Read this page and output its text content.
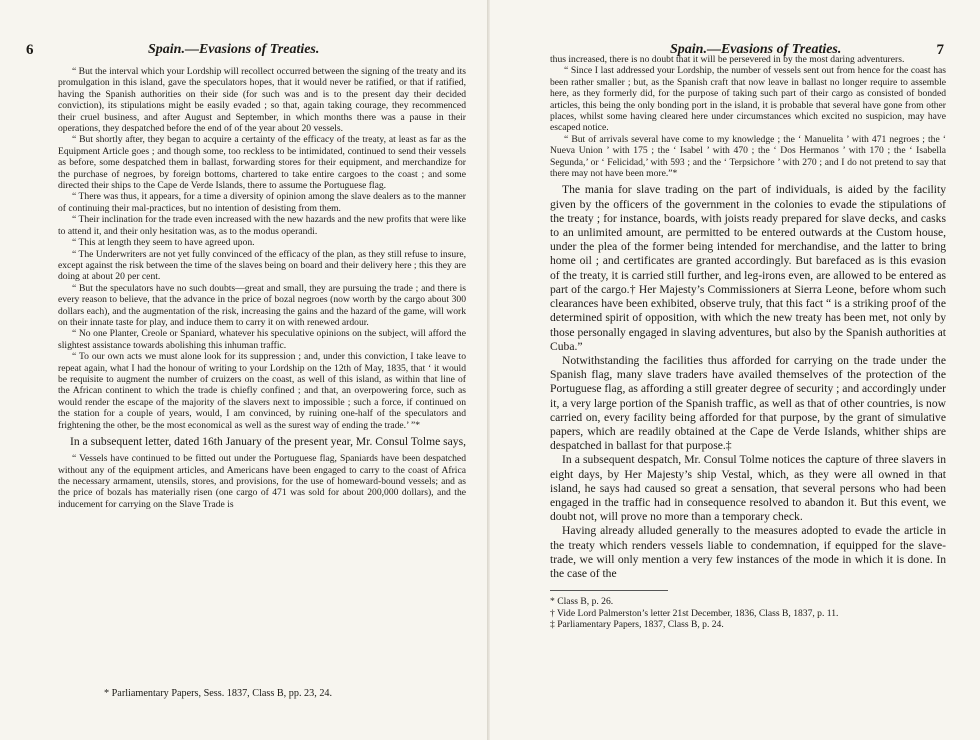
6	Spain.—Evasions of Treaties.

“ But the interval which your Lordship will recollect occurred between the signing of the treaty and its promulgation in this island, gave the speculators hopes, that it would never be ratified, or that if ratified, having the Spanish authorities on their side (for such was and is to the present day their decided conviction), its stipulations might be easily evaded ; so that, again taking courage, they recommenced their cruel business, and after August and September, in which months there was a pause in their operations, they despatched before the end of of the year about 20 vessels.

“ But shortly after, they began to acquire a certainty of the efficacy of the treaty, at least as far as the Equipment Article goes ; and though some, too reckless to be intimidated, continued to send their vessels as before, some despatched them in ballast, forwarding stores for their equipment, and merchandize for the purchase of negroes, by foreign bottoms, chartered to take entire cargoes to the coast ; and some directed their ships to the Cape de Verde Islands, there to assume the Portuguese flag.

“ There was thus, it appears, for a time a diversity of opinion among the slave dealers as to the manner of continuing their mal-practices, but no intention of desisting from them.

“ Their inclination for the trade even increased with the new hazards and the new profits that were like to attend it, and their only hesitation was, as to the modus operandi.

“ This at length they seem to have agreed upon.

“ The Underwriters are not yet fully convinced of the efficacy of the plan, as they still refuse to insure, except against the risk between the time of the slaves being on board and their delivery here ; this they are doing at about 20 per cent.

“ But the speculators have no such doubts—great and small, they are pursuing the trade ; and there is every reason to believe, that the advance in the price of bozal negroes (now worth by the cargo about 300 dollars each), and the augmentation of the risk, increasing the gains and the hazard of the game, will work on their innate taste for play, and induce them to carry it on with renewed ardour.

“ No one Planter, Creole or Spaniard, whatever his speculative opinions on the subject, will afford the slightest assistance towards abolishing this inhuman traffic.

“ To our own acts we must alone look for its suppression ; and, under this conviction, I take leave to repeat again, what I had the honour of writing to your Lordship on the 12th of May, 1835, that ‘ it would be requisite to augment the number of cruizers on the coast, as well of this island, as within that line of the African continent to which the trade is chiefly confined ; and that, an overpowering force, such as would render the escape of the majority of the slavers next to impossible ; such a force, if continued on the station for a couple of years, would, I am convinced, by ruining one-half of the speculators and frightening the other, be the most economical as well as the surest way of ending the trade.’ ”*

In a subsequent letter, dated 16th January of the present year, Mr. Consul Tolme says,

“ Vessels have continued to be fitted out under the Portuguese flag, Spaniards have been despatched without any of the equipment articles, and Americans have been engaged to carry to the coast of Africa the necessary armament, utensils, stores, and provisions, for the use of homeward-bound vessels; and as the price of bozals has materially risen (one cargo of 471 was sold for about 200,000 dollars), and the inducement for carrying on the Slave Trade is

* Parliamentary Papers, Sess. 1837, Class B, pp. 23, 24.
Spain.—Evasions of Treaties.	7

thus increased, there is no doubt that it will be persevered in by the most daring adventurers.

“ Since I last addressed your Lordship, the number of vessels sent out from hence for the coast has been rather smaller ; but, as the Spanish craft that now leave in ballast no longer require to assemble here, as they formerly did, for the purpose of taking such part of their cargo as consisted of bonded articles, this being the only bonding port in the island, it is probable that several have gone from other places, whilst some having cleared here under circumstances which excited no suspicion, may have escaped notice.

“ But of arrivals several have come to my knowledge ; the ‘ Manuelita ’ with 471 negroes ; the ‘ Nueva Union ’ with 175 ; the ‘ Isabel ’ with 470 ; the ‘ Dos Hermanos ’ with 170 ; the ‘ Isabella Segunda,’ or ‘ Felicidad,’ with 593 ; and the ‘ Terpsichore ’ with 270 ; and I do not pretend to say that there may not have been more.”*

The mania for slave trading on the part of individuals, is aided by the facility given by the officers of the government in the colonies to evade the stipulations of the treaty ; for instance, boards, with joists ready prepared for slave decks, and casks to an unlimited amount, are permitted to be entered outwards at the Custom house, under the plea of the former being intended for merchandise, and the latter to bring home oil ; and certificates are granted accordingly. But barefaced as is this evasion of the treaty, it is carried still further, and leg-irons even, are allowed to be entered as part of the cargo.† Her Majesty’s Commissioners at Sierra Leone, before whom such clearances have been exhibited, observe truly, that this fact “ is a striking proof of the determined spirit of opposition, with which the new treaty has been met, not only by those personally engaged in slaving adventures, but also by the Spanish authorities at Cuba.”

Notwithstanding the facilities thus afforded for carrying on the trade under the Spanish flag, many slave traders have availed themselves of the protection of the Portuguese flag, as affording a still greater degree of security ; and accordingly under it, a very large portion of the Spanish traffic, as well as that of other countries, is now carried on, every facility being afforded for that purpose, by the grant of simulative papers, which are readily obtained at the Cape de Verde Islands, whither ships are despatched in ballast for that purpose.‡

In a subsequent despatch, Mr. Consul Tolme notices the capture of three slavers in eight days, by Her Majesty’s ship Vestal, which, as they were all owned in that island, he says had caused so great a sensation, that several persons who had been engaged in the traffic had in consequence resolved to abandon it. But this event, we doubt not, will prove no more than a temporary check.

Having already alluded generally to the measures adopted to evade the article in the treaty which renders vessels liable to condemnation, if equipped for the slave-trade, we will only mention a very few instances of the mode in which it is done. In the case of the

* Class B, p. 26.
† Vide Lord Palmerston’s letter 21st December, 1836, Class B, 1837, p. 11.
‡ Parliamentary Papers, 1837, Class B, p. 24.
